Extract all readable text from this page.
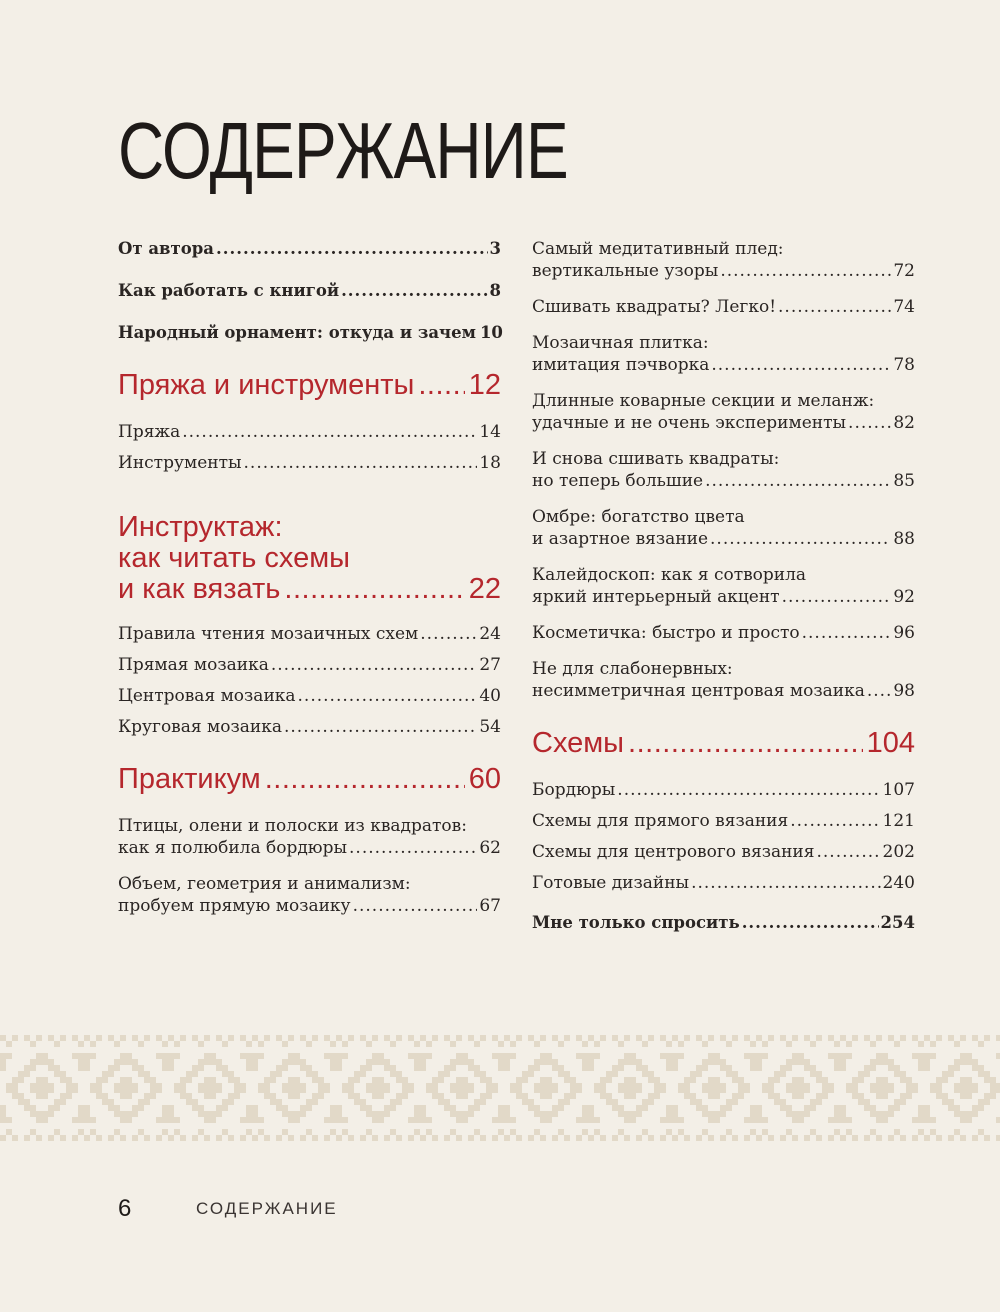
СОДЕРЖАНИЕ
От автора .....	3
Как работать с книгой .....	8
Народный орнамент: откуда и зачем 10
Пряжа и инструменты ..... 12
Пряжа .....	14
Инструменты .....	18
Инструктаж:
как читать схемы
и как вязать .....	22
Правила чтения мозаичных схем .....	24
Прямая мозаика .....	27
Центровая мозаика .....	40
Круговая мозаика .....	54
Практикум .....	60
Птицы, олени и полоски из квадратов:
как я полюбила бордюры .....	62
Объем, геометрия и анимализм:
пробуем прямую мозаику .....	67
Самый медитативный плед:
вертикальные узоры .....	72
Сшивать квадраты? Легко! .....	74
Мозаичная плитка:
имитация пэчворка .....	78
Длинные коварные секции и меланж:
удачные и не очень эксперименты .....	82
И снова сшивать квадраты:
но теперь большие .....	85
Омбре: богатство цвета
и азартное вязание .....	88
Калейдоскоп: как я сотворила
яркий интерьерный акцент .....	92
Косметичка: быстро и просто .....	96
Не для слабонервных:
несимметричная центровая мозаика ..... 98
Схемы .....	104
Бордюры .....	107
Схемы для прямого вязания .....	121
Схемы для центрового вязания .....	202
Готовые дизайны .....	240
Мне только спросить .....	254
6	СОДЕРЖАНИЕ
